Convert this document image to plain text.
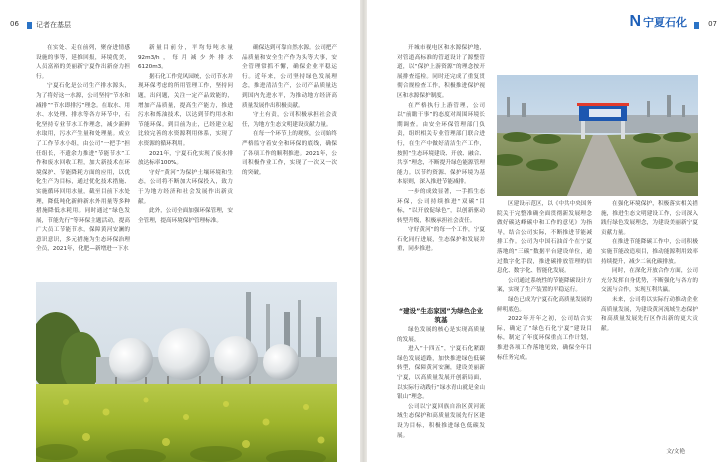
06 记者在基层

在实处、走在前列，聚奋进情感设施的事等，延推回报，环境优美，人员富裕的美丽新宁夏作出新奋力担行。

宁夏石化是公司生产排水源头，为了将好这一水源，公司坚持“节水和减排”“节水即排污”理念。在取水、用水、水处理、排水等各方环节中，石化坚持专业节水工作理念，减少新鲜水取用，污水产生量和处理量。成立了工作节水小组，由公司“一把手”担任组长，不遗余力推进“节能节水”工作和废水回收工程，加大新技术在环境保护、节能降耗方面的应用，以优化生产为目标，通过优化技术措施、实施循环回用水量，截至目前下水处理，降低吨化新鲜新水外用量等多种措施降低水耗用。同时通过“绿色发展，节能先行”等环保主题活动，提高广大员工节能节水，保障黄河安澜的意识意识，多元措施为生态环保治理全员，2021年，化肥—新增进一下水

新量目前分，平均每吨水量92m3/h，每月减少外排水6120m3。

据石化工作党风园统，公司节水并现环保考虑的所用管理工作，坚持问题，出问题，关注一定产品效能的，增加产品质量，提高生产能力，推进污水和炼油技术，以达到节约用水和节能环保。到目前为止，已经建立起比较完善的水资源利用体系，实现了水资源的循环利用。

2021年，宁夏石化实现了废水排放达标率100%。

守好“黄河”为保护土壤环境和生态，公司将不断加大环保投入，致力于为地方经济和社会发展作出新贡献。

此外，公司全面加强环保管理，安全管理，提高环境保护管理标准。

确保达到可靠自然水源。公司把产品质量和安全生产作为头等大事，安全管理常抓不懈，确保企业平稳运行。近年来，公司坚持绿色发展理念，推进清洁生产，公司产品质量达到国内先进水平，为推动地方经济高质量发展作出积极贡献。

守土有责，公司积极承担社会责任，为地方生态文明建设贡献力量。

在每一个环节上的观察，公司始终严格监守着安全和环保的底线，确保了各项工作的顺利推进。2021年，公司积极作业工作，实现了一次又一次的突破。

N 宁夏石化	07

开城市视电区和水源保护地，对管道高标准的管道设计了源整管道，以“保护上游资源”的理念按开展排查巡检。同时还完成了重复贯彻合规检查工作，积极推进保护视区和水源保护制度。

在严格执行上游管理，公司以“前瞻干事”的态度对周围环境长期调查。由安全环保管理部门负责，组织相关专业管理部门联合进行，在生产中做好清洁生产工作，按照“生态环境建设、开放、融合、共享”理念，不断提升绿色能源管理能力。以节约资源、保护环境为基本原则，深入推进节能减排。

一步的成效显著，一手抓生态环保，公司持续推进“双碳”目标，“以开放促绿色”，以创新驱动转型升级，积极承担社会责任。

守好黄河“的每一个工作，宁夏石化同行进展，生态保护和发展并重，同步推进。

“建设”生态家园”为绿色企业筑基

绿色发展的核心是实现高质量的发展。

进入“十四五”，宁夏石化紧跟绿色发展道路，加快推进绿色低碳转型，保障黄河安澜，建设美丽新宁夏，以高质量发展开创新局面，以实际行动践行“绿水青山就是金山银山”理念。

公司以宁夏回族自治区黄河流域生态保护和高质量发展先行区建设为目标，积极推进绿色低碳发展。

区建设示范区，以《中共中央国务院关于完整准确全面贯彻新发展理念做好碳达峰碳中和工作的意见》为指导，结合公司实际，不断推进节能减排工作。公司为中国石油首个在宁夏落地的“三碳”数据平台建设单位，通过数字化手段，推进碳排放管理的信息化、数字化、智能化发展。

公司通过系统性的节能降碳设计方案，实现了生产装置的平稳运行。

绿色已成为宁夏石化高质量发展的鲜明底色。

2022年开年之初，公司结合实际，确定了“绿色石化宁夏”建设目标，制定了年度环保重点工作计划，推进各项工作落地见效，确保全年目标任务完成。

在强化环境保护，积极落实相关措施，推进生态文明建设工作，公司深入践行绿色发展理念，为建设美丽新宁夏贡献力量。

在推进节能降碳工作中，公司积极实施节能改造项目，推动能源利用效率持续提升，减少二氧化碳排放。

同时，在深化开放合作方面，公司充分发挥自身优势，不断强化与各方的交流与合作，实现互利共赢。

未来，公司将以实际行动推动企业高质量发展，为建设黄河流域生态保护和高质量发展先行区作出新的更大贡献。

文/文艳
